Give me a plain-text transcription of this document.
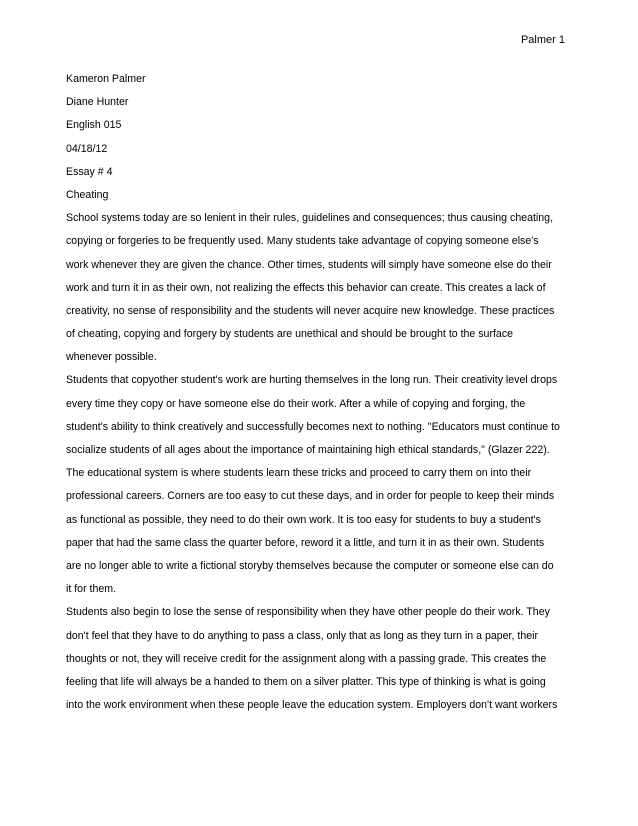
Palmer 1
Kameron Palmer
Diane Hunter
English 015
04/18/12
Essay # 4
Cheating
School systems today are so lenient in their rules, guidelines and consequences; thus causing cheating,
copying or forgeries to be frequently used. Many students take advantage of copying someone else's
work whenever they are given the chance. Other times, students will simply have someone else do their
work and turn it in as their own, not realizing the effects this behavior can create. This creates a lack of
creativity, no sense of responsibility and the students will never acquire new knowledge. These practices
of cheating, copying and forgery by students are unethical and should be brought to the surface
whenever possible.
Students that copyother student's work are hurting themselves in the long run. Their creativity level drops
every time they copy or have someone else do their work. After a while of copying and forging, the
student's ability to think creatively and successfully becomes next to nothing. "Educators must continue to
socialize students of all ages about the importance of maintaining high ethical standards," (Glazer 222).
The educational system is where students learn these tricks and proceed to carry them on into their
professional careers. Corners are too easy to cut these days, and in order for people to keep their minds
as functional as possible, they need to do their own work. It is too easy for students to buy a student's
paper that had the same class the quarter before, reword it a little, and turn it in as their own. Students
are no longer able to write a fictional storyby themselves because the computer or someone else can do
it for them.
Students also begin to lose the sense of responsibility when they have other people do their work. They
don't feel that they have to do anything to pass a class, only that as long as they turn in a paper, their
thoughts or not, they will receive credit for the assignment along with a passing grade. This creates the
feeling that life will always be a handed to them on a silver platter. This type of thinking is what is going
into the work environment when these people leave the education system. Employers don't want workers
